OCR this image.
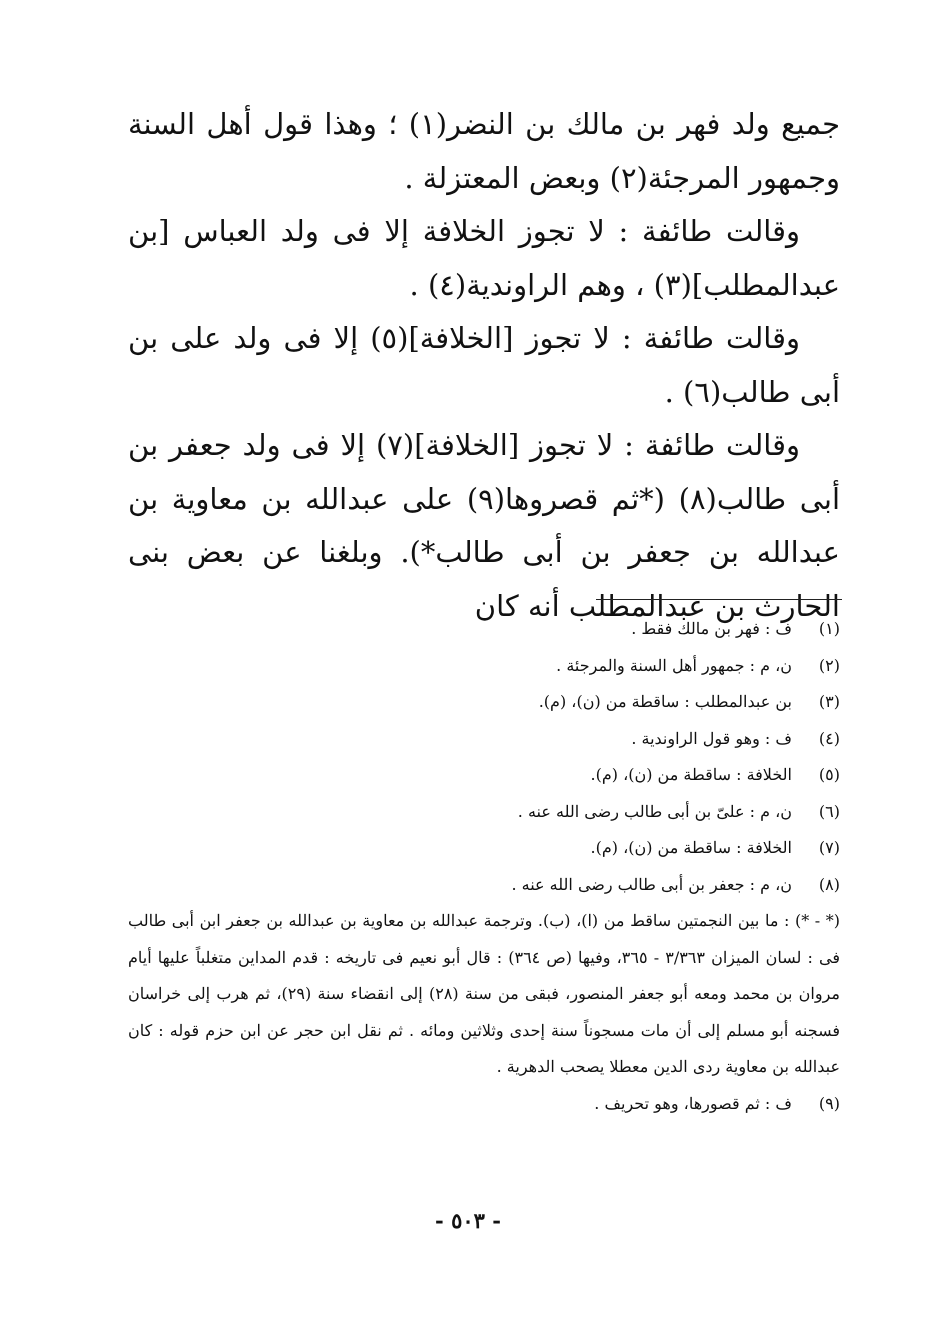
جميع ولد فهر بن مالك بن النضر(١) ؛ وهذا قول أهل السنة وجمهور المرجئة(٢) وبعض المعتزلة .

وقالت طائفة : لا تجوز الخلافة إلا فى ولد العباس [بن عبدالمطلب](٣) ، وهم الراوندية(٤) .

وقالت طائفة : لا تجوز [الخلافة](٥) إلا فى ولد على بن أبى طالب(٦) .

وقالت طائفة : لا تجوز [الخلافة](٧) إلا فى ولد جعفر بن أبى طالب(٨) (*ثم قصروها(٩) على عبدالله بن معاوية بن عبدالله بن جعفر بن أبى طالب*). وبلغنا عن بعض بنى الحارث بن عبدالمطلب أنه كان

(١)
ف : فهر بن مالك فقط .
(٢)
ن، م : جمهور أهل السنة والمرجئة .
(٣)
بن عبدالمطلب : ساقطة من (ن)، (م).
(٤)
ف : وهو قول الراوندية .
(٥)
الخلافة : ساقطة من (ن)، (م).
(٦)
ن، م : علىّ بن أبى طالب رضى الله عنه .
(٧)
الخلافة : ساقطة من (ن)، (م).
(٨)
ن، م : جعفر بن أبى طالب رضى الله عنه .
(* - *) : ما بين النجمتين ساقط من (ا)، (ب). وترجمة عبدالله بن معاوية بن عبدالله بن جعفر ابن أبى طالب فى : لسان الميزان ٣/٣٦٣ - ٣٦٥، وفيها (ص ٣٦٤) : قال أبو نعيم فى تاريخه : قدم المداين متغلباً عليها أيام مروان بن محمد ومعه أبو جعفر المنصور، فبقى من سنة (٢٨) إلى انقضاء سنة (٢٩)، ثم هرب إلى خراسان فسجنه أبو مسلم إلى أن مات مسجوناً سنة إحدى وثلاثين ومائه . ثم نقل ابن حجر عن ابن حزم قوله : كان عبدالله بن معاوية ردى الدين معطلا يصحب الدهرية .
(٩)
ف : ثم قصورها، وهو تحريف .
- ٥٠٣ -
